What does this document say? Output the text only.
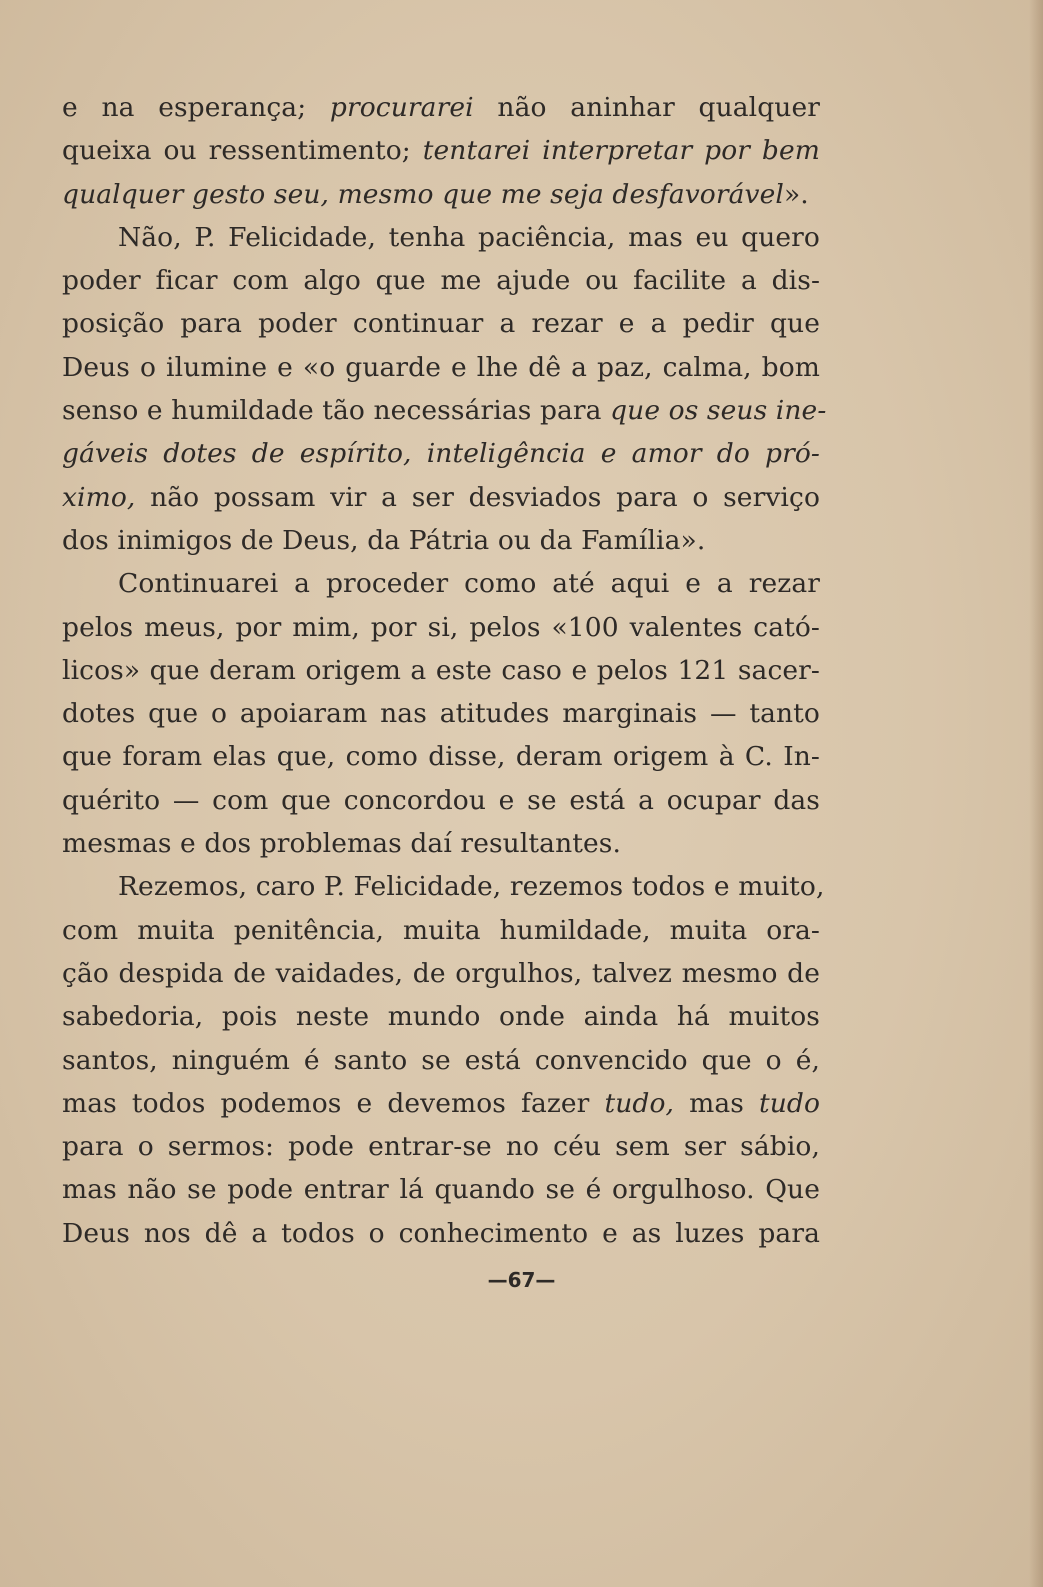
e na esperança; procurarei não aninhar qualquer
queixa ou ressentimento; tentarei interpretar por bem
qualquer gesto seu, mesmo que me seja desfavorável».
Não, P. Felicidade, tenha paciência, mas eu quero
poder ficar com algo que me ajude ou facilite a dis-
posição para poder continuar a rezar e a pedir que
Deus o ilumine e «o guarde e lhe dê a paz, calma, bom
senso e humildade tão necessárias para que os seus ine-
gáveis dotes de espírito, inteligência e amor do pró-
ximo, não possam vir a ser desviados para o serviço
dos inimigos de Deus, da Pátria ou da Família».
Continuarei a proceder como até aqui e a rezar
pelos meus, por mim, por si, pelos «100 valentes cató-
licos» que deram origem a este caso e pelos 121 sacer-
dotes que o apoiaram nas atitudes marginais — tanto
que foram elas que, como disse, deram origem à C. In-
quérito — com que concordou e se está a ocupar das
mesmas e dos problemas daí resultantes.
Rezemos, caro P. Felicidade, rezemos todos e muito,
com muita penitência, muita humildade, muita ora-
ção despida de vaidades, de orgulhos, talvez mesmo de
sabedoria, pois neste mundo onde ainda há muitos
santos, ninguém é santo se está convencido que o é,
mas todos podemos e devemos fazer tudo, mas tudo
para o sermos: pode entrar-se no céu sem ser sábio,
mas não se pode entrar lá quando se é orgulhoso. Que
Deus nos dê a todos o conhecimento e as luzes para
—67—
